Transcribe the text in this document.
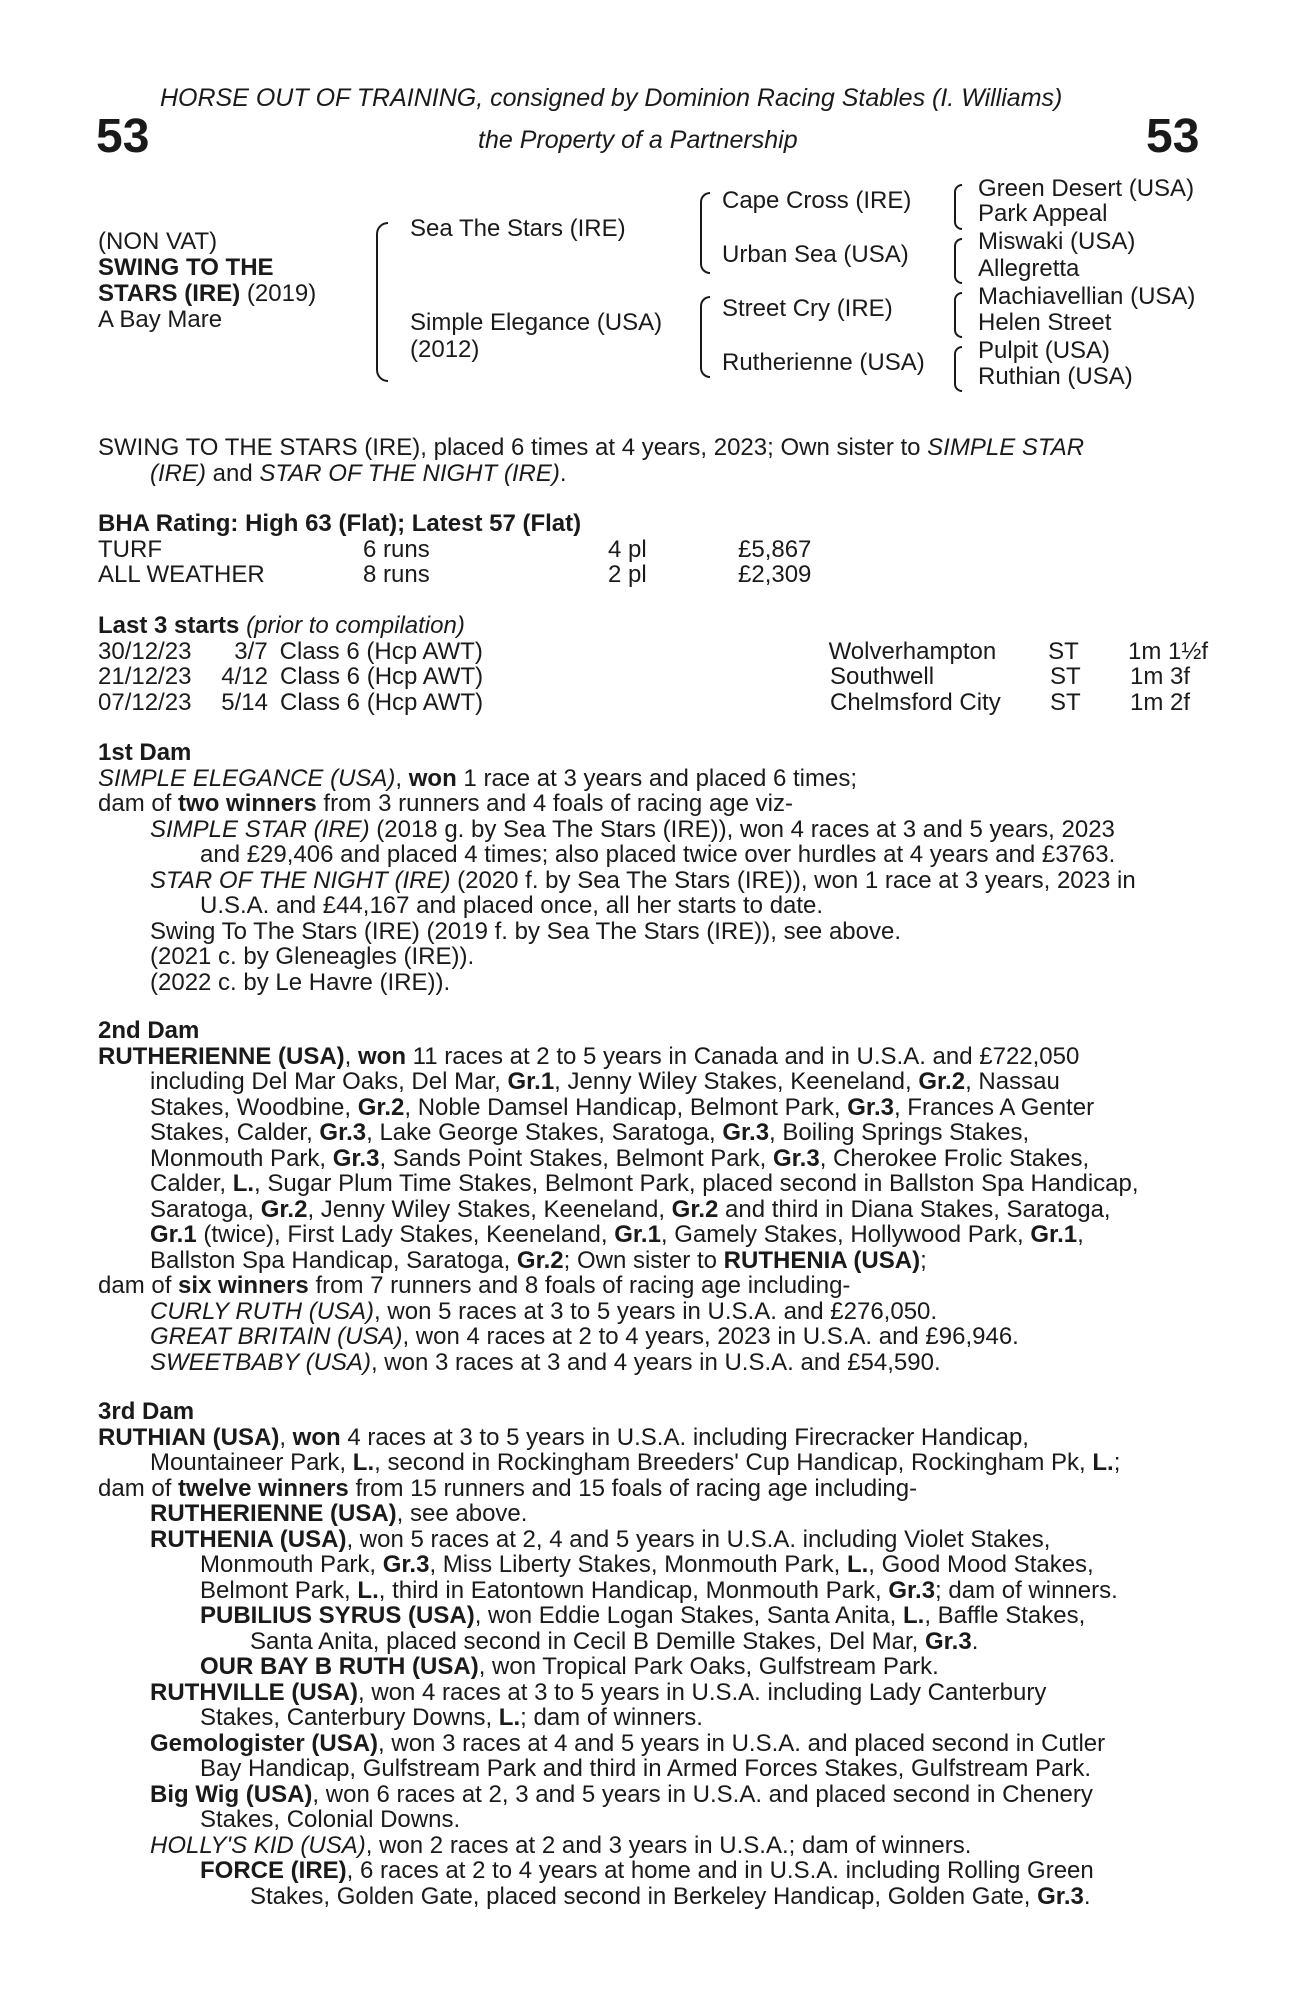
HORSE OUT OF TRAINING, consigned by Dominion Racing Stables (I. Williams)
53	the Property of a Partnership	53
(NON VAT)
SWING TO THE
STARS (IRE) (2019)
A Bay Mare
Sea The Stars (IRE)
Simple Elegance (USA)
(2012)
Cape Cross (IRE)
Urban Sea (USA)
Street Cry (IRE)
Rutherienne (USA)
Green Desert (USA)
Park Appeal
Miswaki (USA)
Allegretta
Machiavellian (USA)
Helen Street
Pulpit (USA)
Ruthian (USA)
SWING TO THE STARS (IRE), placed 6 times at 4 years, 2023; Own sister to SIMPLE STAR
(IRE) and STAR OF THE NIGHT (IRE).
BHA Rating: High 63 (Flat); Latest 57 (Flat)
TURF	6 runs	4 pl	£5,867
ALL WEATHER	8 runs	2 pl	£2,309
Last 3 starts (prior to compilation)
30/12/23	3/7 Class 6 (Hcp AWT)	Wolverhampton	ST	1m 1½f
21/12/23	4/12 Class 6 (Hcp AWT)	Southwell	ST	1m 3f
07/12/23	5/14 Class 6 (Hcp AWT)	Chelmsford City	ST	1m 2f
1st Dam
SIMPLE ELEGANCE (USA), won 1 race at 3 years and placed 6 times;
dam of two winners from 3 runners and 4 foals of racing age viz-
SIMPLE STAR (IRE) (2018 g. by Sea The Stars (IRE)), won 4 races at 3 and 5 years, 2023
and £29,406 and placed 4 times; also placed twice over hurdles at 4 years and £3763.
STAR OF THE NIGHT (IRE) (2020 f. by Sea The Stars (IRE)), won 1 race at 3 years, 2023 in
U.S.A. and £44,167 and placed once, all her starts to date.
Swing To The Stars (IRE) (2019 f. by Sea The Stars (IRE)), see above.
(2021 c. by Gleneagles (IRE)).
(2022 c. by Le Havre (IRE)).
2nd Dam
RUTHERIENNE (USA), won 11 races at 2 to 5 years in Canada and in U.S.A. and £722,050
including Del Mar Oaks, Del Mar, Gr.1, Jenny Wiley Stakes, Keeneland, Gr.2, Nassau
Stakes, Woodbine, Gr.2, Noble Damsel Handicap, Belmont Park, Gr.3, Frances A Genter
Stakes, Calder, Gr.3, Lake George Stakes, Saratoga, Gr.3, Boiling Springs Stakes,
Monmouth Park, Gr.3, Sands Point Stakes, Belmont Park, Gr.3, Cherokee Frolic Stakes,
Calder, L., Sugar Plum Time Stakes, Belmont Park, placed second in Ballston Spa Handicap,
Saratoga, Gr.2, Jenny Wiley Stakes, Keeneland, Gr.2 and third in Diana Stakes, Saratoga,
Gr.1 (twice), First Lady Stakes, Keeneland, Gr.1, Gamely Stakes, Hollywood Park, Gr.1,
Ballston Spa Handicap, Saratoga, Gr.2; Own sister to RUTHENIA (USA);
dam of six winners from 7 runners and 8 foals of racing age including-
CURLY RUTH (USA), won 5 races at 3 to 5 years in U.S.A. and £276,050.
GREAT BRITAIN (USA), won 4 races at 2 to 4 years, 2023 in U.S.A. and £96,946.
SWEETBABY (USA), won 3 races at 3 and 4 years in U.S.A. and £54,590.
3rd Dam
RUTHIAN (USA), won 4 races at 3 to 5 years in U.S.A. including Firecracker Handicap,
Mountaineer Park, L., second in Rockingham Breeders' Cup Handicap, Rockingham Pk, L.;
dam of twelve winners from 15 runners and 15 foals of racing age including-
RUTHERIENNE (USA), see above.
RUTHENIA (USA), won 5 races at 2, 4 and 5 years in U.S.A. including Violet Stakes,
Monmouth Park, Gr.3, Miss Liberty Stakes, Monmouth Park, L., Good Mood Stakes,
Belmont Park, L., third in Eatontown Handicap, Monmouth Park, Gr.3; dam of winners.
PUBILIUS SYRUS (USA), won Eddie Logan Stakes, Santa Anita, L., Baffle Stakes,
Santa Anita, placed second in Cecil B Demille Stakes, Del Mar, Gr.3.
OUR BAY B RUTH (USA), won Tropical Park Oaks, Gulfstream Park.
RUTHVILLE (USA), won 4 races at 3 to 5 years in U.S.A. including Lady Canterbury
Stakes, Canterbury Downs, L.; dam of winners.
Gemologister (USA), won 3 races at 4 and 5 years in U.S.A. and placed second in Cutler
Bay Handicap, Gulfstream Park and third in Armed Forces Stakes, Gulfstream Park.
Big Wig (USA), won 6 races at 2, 3 and 5 years in U.S.A. and placed second in Chenery
Stakes, Colonial Downs.
HOLLY'S KID (USA), won 2 races at 2 and 3 years in U.S.A.; dam of winners.
FORCE (IRE), 6 races at 2 to 4 years at home and in U.S.A. including Rolling Green
Stakes, Golden Gate, placed second in Berkeley Handicap, Golden Gate, Gr.3.
